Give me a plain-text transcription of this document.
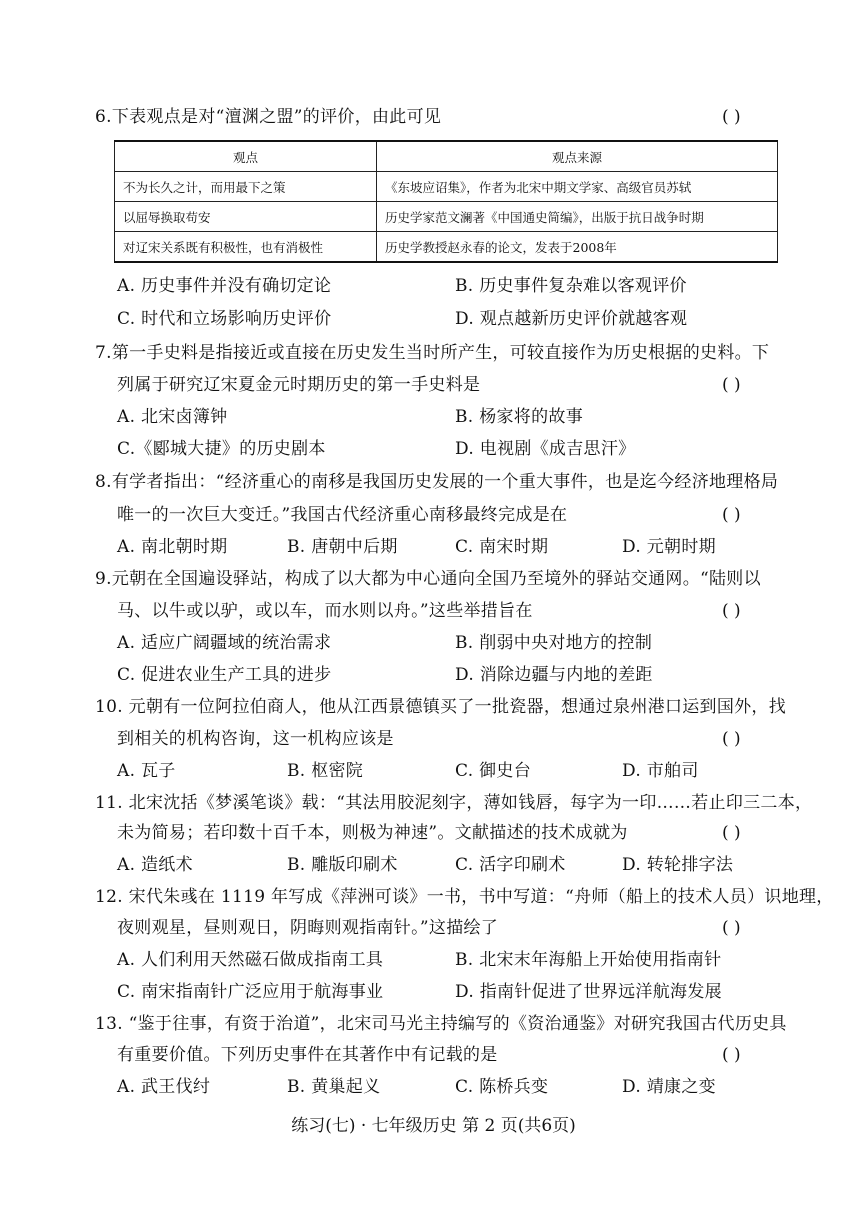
6.下表观点是对“澶渊之盟”的评价，由此可见	( )
观点	观点来源
不为长久之计，而用最下之策	《东坡应诏集》，作者为北宋中期文学家、高级官员苏轼
以屈辱换取苟安	历史学家范文澜著《中国通史简编》，出版于抗日战争时期
对辽宋关系既有积极性，也有消极性	历史学教授赵永春的论文，发表于2008年
A. 历史事件并没有确切定论	B. 历史事件复杂难以客观评价
C. 时代和立场影响历史评价	D. 观点越新历史评价就越客观
7.第一手史料是指接近或直接在历史发生当时所产生，可较直接作为历史根据的史料。下
列属于研究辽宋夏金元时期历史的第一手史料是	( )
A. 北宋卤簿钟	B. 杨家将的故事
C.《郾城大捷》的历史剧本	D. 电视剧《成吉思汗》
8.有学者指出：“经济重心的南移是我国历史发展的一个重大事件，也是迄今经济地理格局
唯一的一次巨大变迁。”我国古代经济重心南移最终完成是在	( )
A. 南北朝时期	B. 唐朝中后期	C. 南宋时期	D. 元朝时期
9.元朝在全国遍设驿站，构成了以大都为中心通向全国乃至境外的驿站交通网。“陆则以
马、以牛或以驴，或以车，而水则以舟。”这些举措旨在	( )
A. 适应广阔疆域的统治需求	B. 削弱中央对地方的控制
C. 促进农业生产工具的进步	D. 消除边疆与内地的差距
10. 元朝有一位阿拉伯商人，他从江西景德镇买了一批瓷器，想通过泉州港口运到国外，找
到相关的机构咨询，这一机构应该是	( )
A. 瓦子	B. 枢密院	C. 御史台	D. 市舶司
11. 北宋沈括《梦溪笔谈》载：“其法用胶泥刻字，薄如钱唇，每字为一印……若止印三二本，
未为简易；若印数十百千本，则极为神速”。文献描述的技术成就为	( )
A. 造纸术	B. 雕版印刷术	C. 活字印刷术	D. 转轮排字法
12. 宋代朱彧在 1119 年写成《萍洲可谈》一书，书中写道：“舟师（船上的技术人员）识地理，
夜则观星，昼则观日，阴晦则观指南针。”这描绘了	( )
A. 人们利用天然磁石做成指南工具	B. 北宋末年海船上开始使用指南针
C. 南宋指南针广泛应用于航海事业	D. 指南针促进了世界远洋航海发展
13. “鉴于往事，有资于治道”，北宋司马光主持编写的《资治通鉴》对研究我国古代历史具
有重要价值。下列历史事件在其著作中有记载的是	( )
A. 武王伐纣	B. 黄巢起义	C. 陈桥兵变	D. 靖康之变
练习(七) · 七年级历史 第 2 页(共6页)
